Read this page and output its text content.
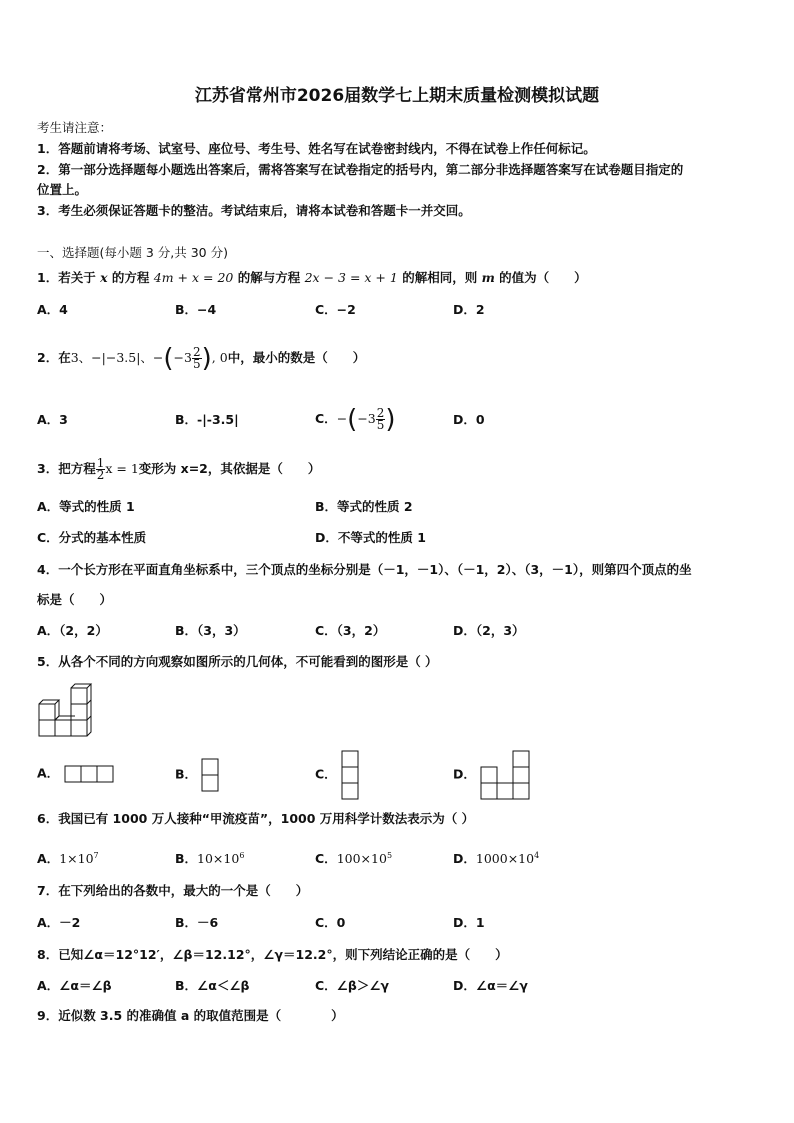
江苏省常州市2026届数学七上期末质量检测模拟试题
考生请注意：
1．答题前请将考场、试室号、座位号、考生号、姓名写在试卷密封线内，不得在试卷上作任何标记。
2．第一部分选择题每小题选出答案后，需将答案写在试卷指定的括号内，第二部分非选择题答案写在试卷题目指定的
位置上。
3．考生必须保证答题卡的整洁。考试结束后，请将本试卷和答题卡一并交回。
一、选择题(每小题 3 分,共 30 分)
1．若关于 x 的方程 4m + x = 20 的解与方程 2x − 3 = x + 1 的解相同，则 m 的值为（　　）
A．4	B．−4	C．−2	D．2
2．在3、−|−3.5|、$-(-3 \frac{2}{5}$ ), 0中，最小的数是（　　）
A．3	B．-|-3.5|	C．$-(-3 \frac{2}{5}$ )	D．0
3．把方程 $\frac{1}{2}$ x = 1变形为 x=2，其依据是（　　）
A．等式的性质 1	B．等式的性质 2
C．分式的基本性质	D．不等式的性质 1
4．一个长方形在平面直角坐标系中，三个顶点的坐标分别是（－1，－1）、（－1，2）、（3，－1），则第四个顶点的坐
标是（　　）
A．（2，2）	B．（3，3）	C．（3，2）	D．（2，3）
5．从各个不同的方向观察如图所示的几何体，不可能看到的图形是（ ）
A．	B．	C．	D．
6．我国已有 1000 万人接种“甲流疫苗”，1000 万用科学计数法表示为（ ）
A．$1\times 10^7$	B．$10\times 10^6$	C．$100\times 10^5$	D．$1000\times 10^4$
7．在下列给出的各数中，最大的一个是（　　）
A．－2	B．－6	C．0	D．1
8．已知∠α＝12°12′，∠β＝12.12°，∠γ＝12.2°，则下列结论正确的是（　　）
A．∠α＝∠β	B．∠α＜∠β	C．∠β＞∠γ	D．∠α＝∠γ
9．近似数 3.5 的准确值 a 的取值范围是（　　　　）
